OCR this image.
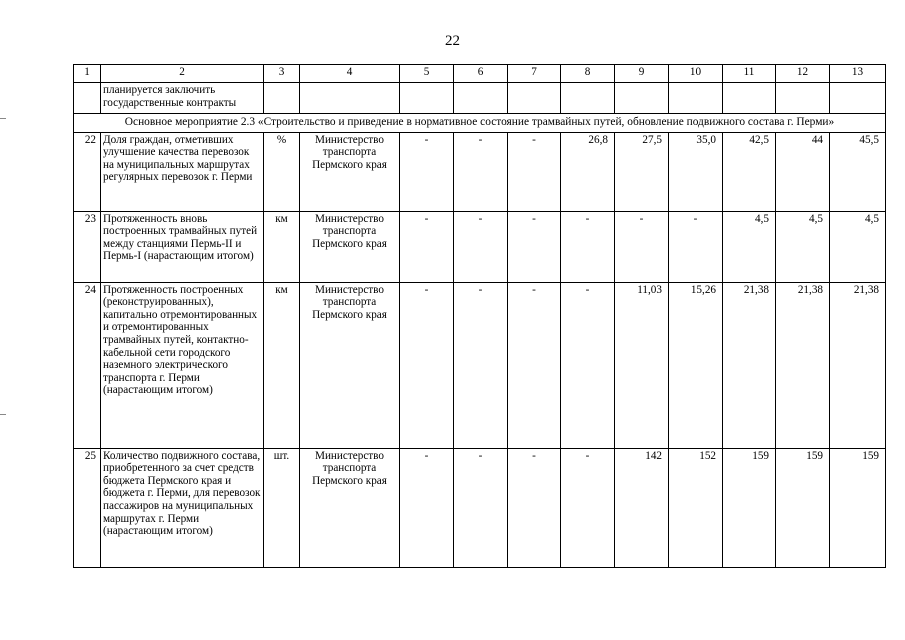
22
1	2	3	4	5	6	7	8	9	10	11	12	13
	планируется заключить государственные контракты											
Основное мероприятие 2.3 «Строительство и приведение в нормативное состояние трамвайных путей, обновление подвижного состава г. Перми»												
22	Доля граждан, отметивших улучшение качества перевозок на муниципальных маршрутах регулярных перевозок г. Перми	%	Министерство транспорта Пермского края	-	-	-	26,8	27,5	35,0	42,5	44	45,5
23	Протяженность вновь построенных трамвайных путей между станциями Пермь-II и Пермь-I (нарастающим итогом)	км	Министерство транспорта Пермского края	-	-	-	-	-	-	4,5	4,5	4,5
24	Протяженность построенных (реконструированных), капитально отремонтированных и отремонтированных трамвайных путей, контактно-кабельной сети городского наземного электрического транспорта г. Перми (нарастающим итогом)	км	Министерство транспорта Пермского края	-	-	-	-	11,03	15,26	21,38	21,38	21,38
25	Количество подвижного состава, приобретенного за счет средств бюджета Пермского края и бюджета г. Перми, для перевозок пассажиров на муниципальных маршрутах г. Перми (нарастающим итогом)	шт.	Министерство транспорта Пермского края	-	-	-	-	142	152	159	159	159
